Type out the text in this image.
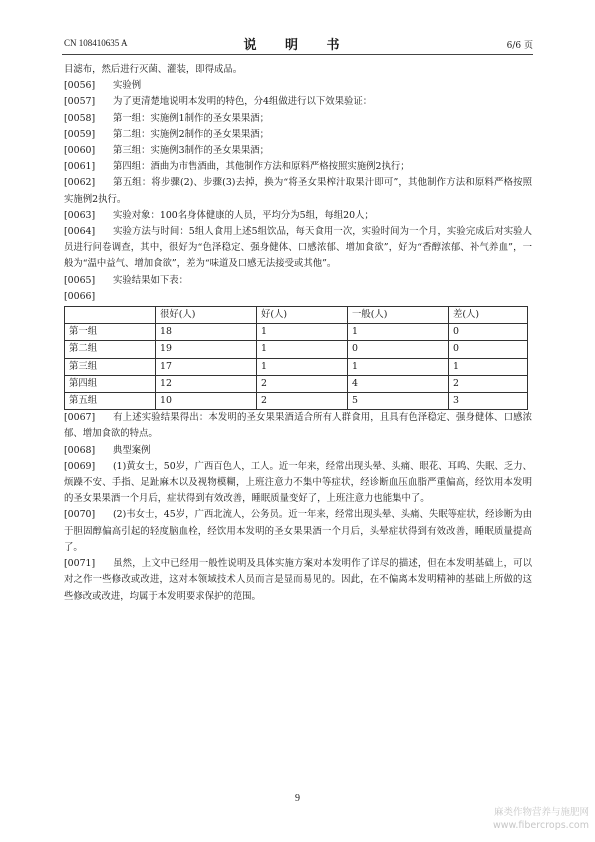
CN 108410635 A	说 明 书	6/6 页

目滤布，然后进行灭菌、灌装，即得成品。

[0056] 实验例

[0057] 为了更清楚地说明本发明的特色，分4组做进行以下效果验证：

[0058] 第一组：实施例1制作的圣女果果酒；

[0059] 第二组：实施例2制作的圣女果果酒；

[0060] 第三组：实施例3制作的圣女果果酒；

[0061] 第四组：酒曲为市售酒曲，其他制作方法和原料严格按照实施例2执行；

[0062] 第五组：将步骤(2)、步骤(3)去掉，换为“将圣女果榨汁取果汁即可”，其他制作方法和原料严格按照实施例2执行。

[0063] 实验对象：100名身体健康的人员，平均分为5组，每组20人；

[0064] 实验方法与时间：5组人食用上述5组饮品，每天食用一次，实验时间为一个月，实验完成后对实验人员进行问卷调查，其中，很好为“色泽稳定、强身健体、口感浓郁、增加食欲”，好为“香醇浓郁、补气养血”，一般为“温中益气、增加食欲”，差为“味道及口感无法接受或其他”。

[0065] 实验结果如下表：

[0066]

	很好(人)	好(人)	一般(人)	差(人)
第一组	18	1	1	0
第二组	19	1	0	0
第三组	17	1	1	1
第四组	12	2	4	2
第五组	10	2	5	3

[0067] 有上述实验结果得出：本发明的圣女果果酒适合所有人群食用，且具有色泽稳定、强身健体、口感浓郁、增加食欲的特点。

[0068] 典型案例

[0069] (1)黄女士，50岁，广西百色人，工人。近一年来，经常出现头晕、头痛、眼花、耳鸣、失眠、乏力、烦躁不安、手指、足趾麻木以及视物模糊，上班注意力不集中等症状，经诊断血压血脂严重偏高，经饮用本发明的圣女果果酒一个月后，症状得到有效改善，睡眠质量变好了，上班注意力也能集中了。

[0070] (2)韦女士，45岁，广西北流人，公务员。近一年来，经常出现头晕、头痛、失眠等症状，经诊断为由于胆固醇偏高引起的轻度脑血栓，经饮用本发明的圣女果果酒一个月后，头晕症状得到有效改善，睡眠质量提高了。

[0071] 虽然，上文中已经用一般性说明及具体实施方案对本发明作了详尽的描述，但在本发明基础上，可以对之作一些修改或改进，这对本领域技术人员而言是显而易见的。因此，在不偏离本发明精神的基础上所做的这些修改或改进，均属于本发明要求保护的范围。

9
麻类作物营养与施肥网
www.fibercrops.com
